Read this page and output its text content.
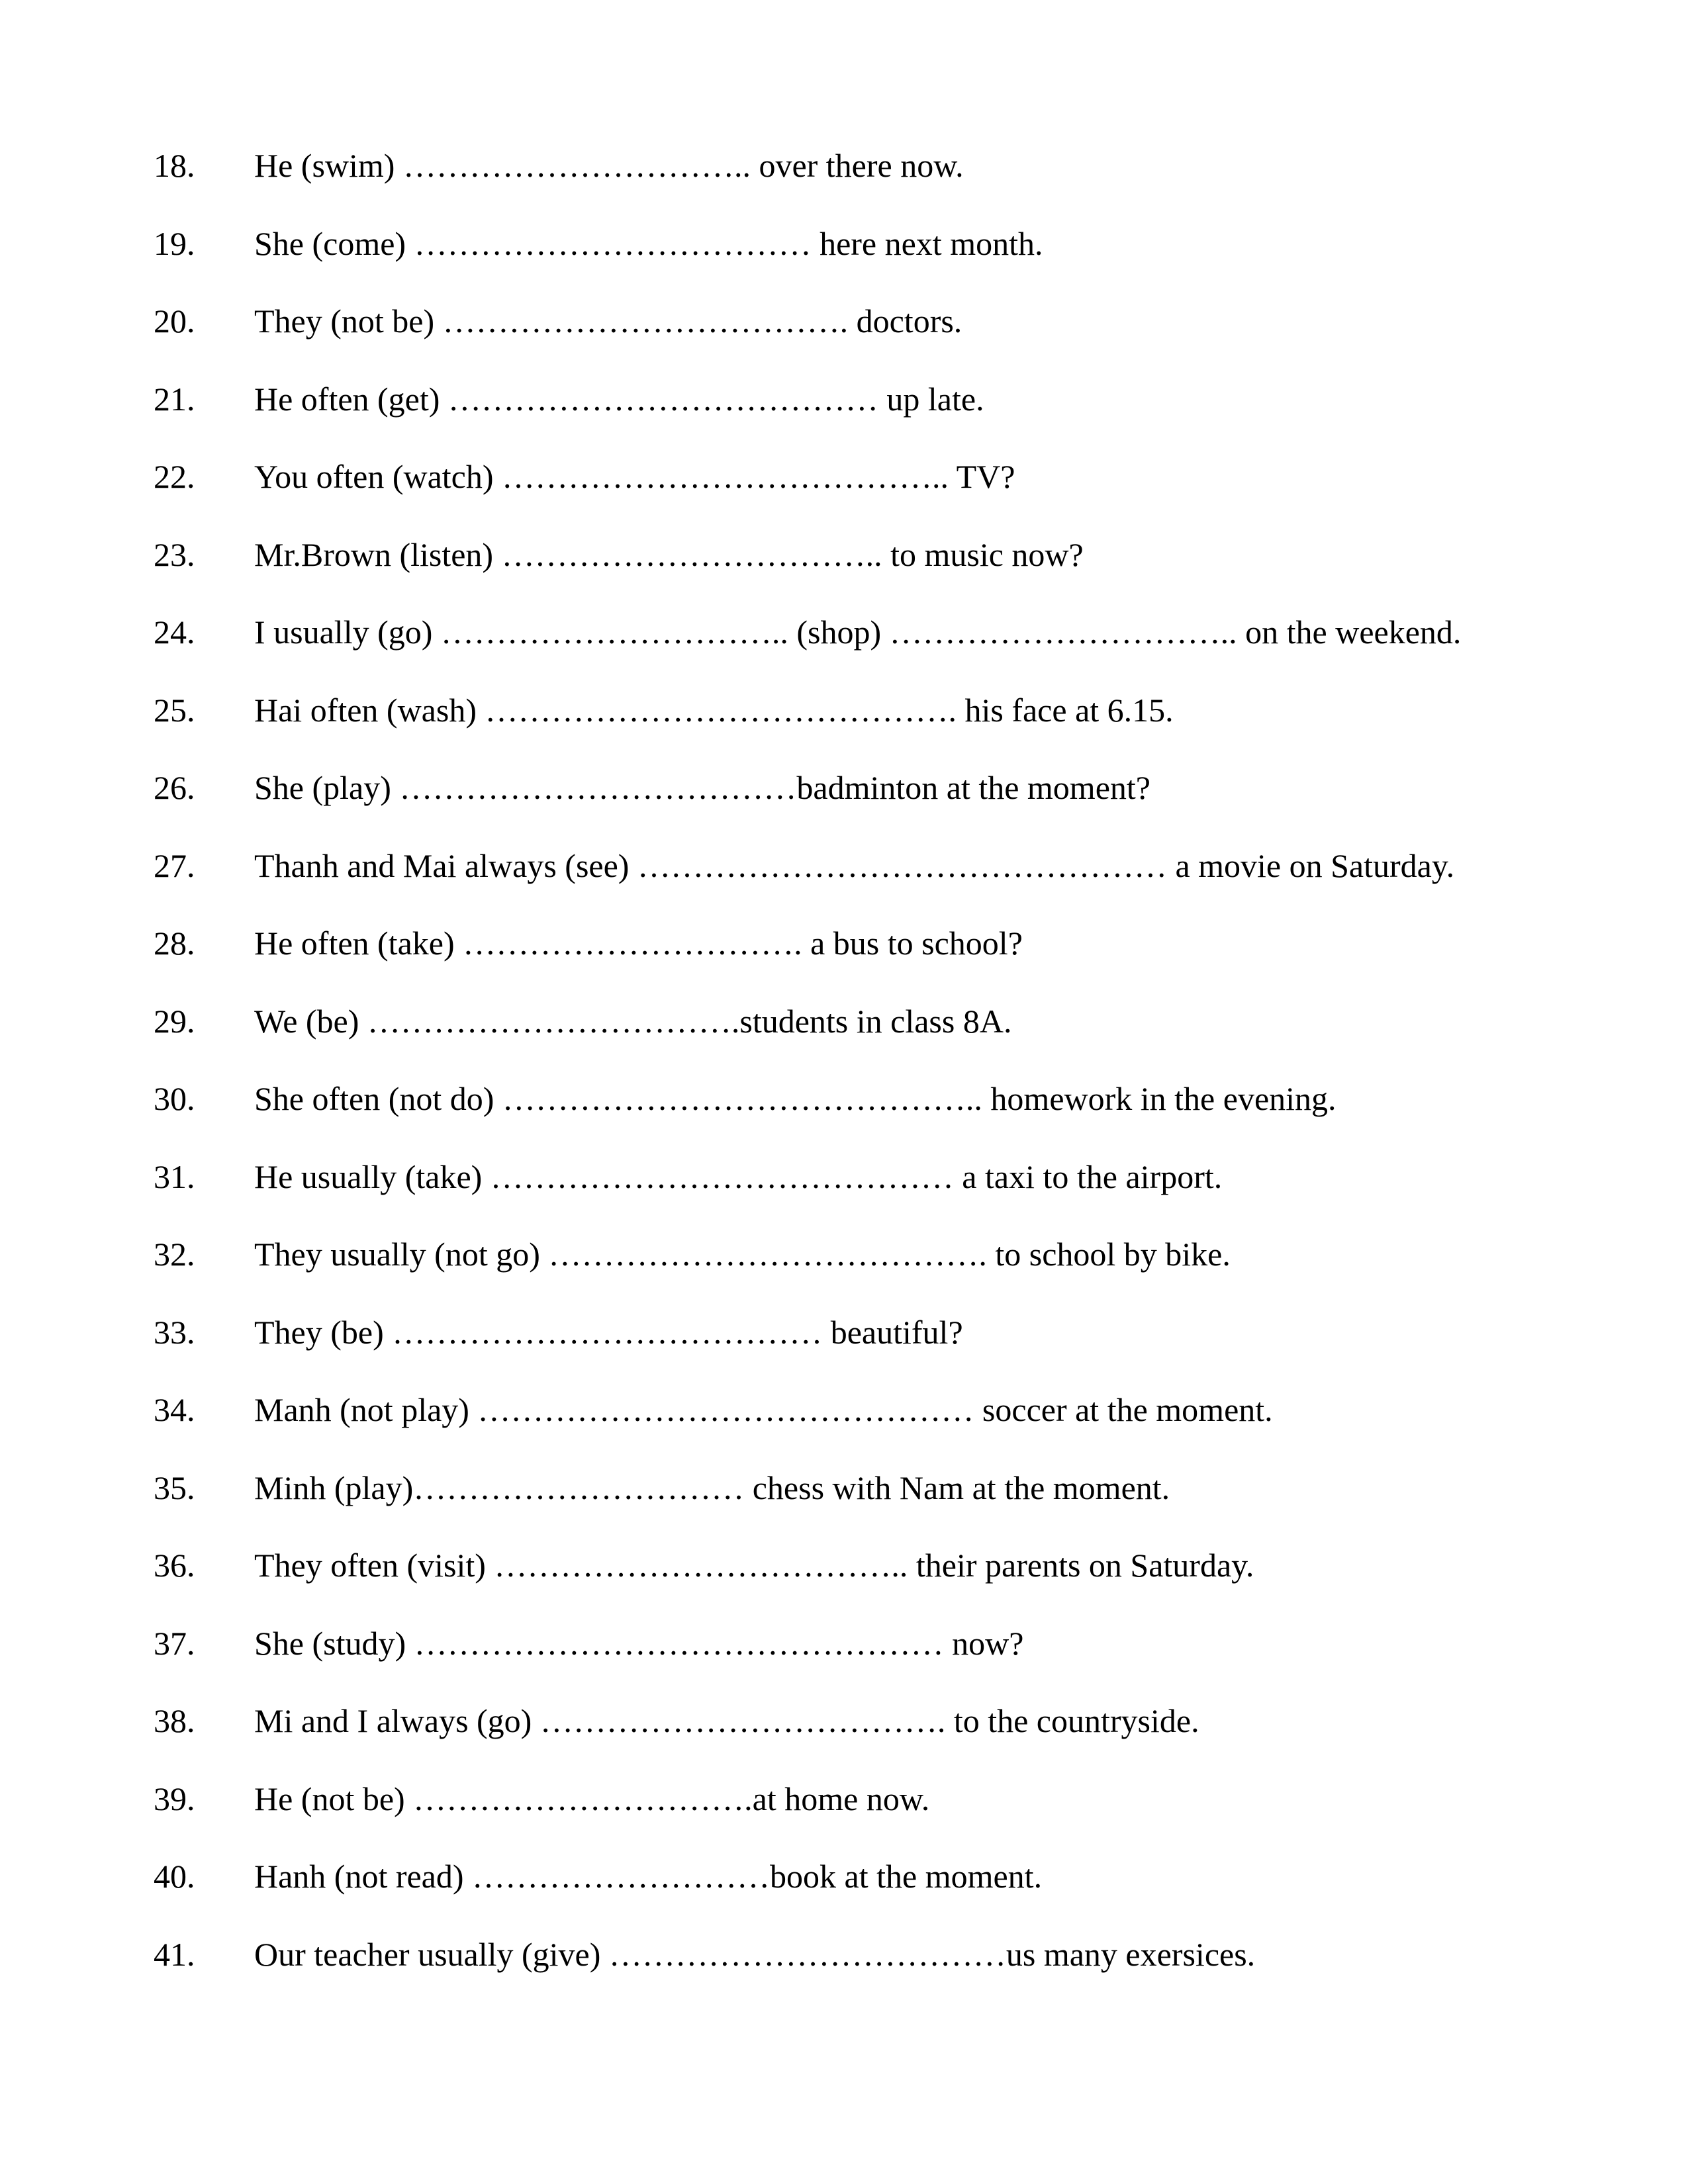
18.	He (swim) ………………………….. over there now.
19.	She (come) ……………………………… here next month.
20.	They (not be) ………………………………. doctors.
21.	He often (get) ………………………………… up late.
22.	You often (watch) ………………………………….. TV?
23.	Mr.Brown (listen) …………………………….. to music now?
24.	I usually (go) ………………………….. (shop) ………………………….. on the weekend.
25.	Hai often (wash) ……………………………………. his face at 6.15.
26.	She (play) ………………………………badminton at the moment?
27.	Thanh and Mai always (see) ………………………………………… a movie on Saturday.
28.	He often (take) …………………………. a bus to school?
29.	We (be) …………………………….students in class 8A.
30.	She often (not do) …………………………………….. homework in the evening.
31.	He usually (take) …………………………………… a taxi to the airport.
32.	They usually (not go) …………………………………. to school by bike.
33.	They (be) ………………………………… beautiful?
34.	Manh (not play) ……………………………………… soccer at the moment.
35.	Minh (play)………………………… chess with Nam at the moment.
36.	They often (visit) ……………………………….. their parents on Saturday.
37.	She (study) ………………………………………… now?
38.	Mi and I always (go) ………………………………. to the countryside.
39.	He (not be) ………………………….at home now.
40.	Hanh (not read) ………………………book at the moment.
41.	Our teacher usually (give) ………………………………us many exersices.
